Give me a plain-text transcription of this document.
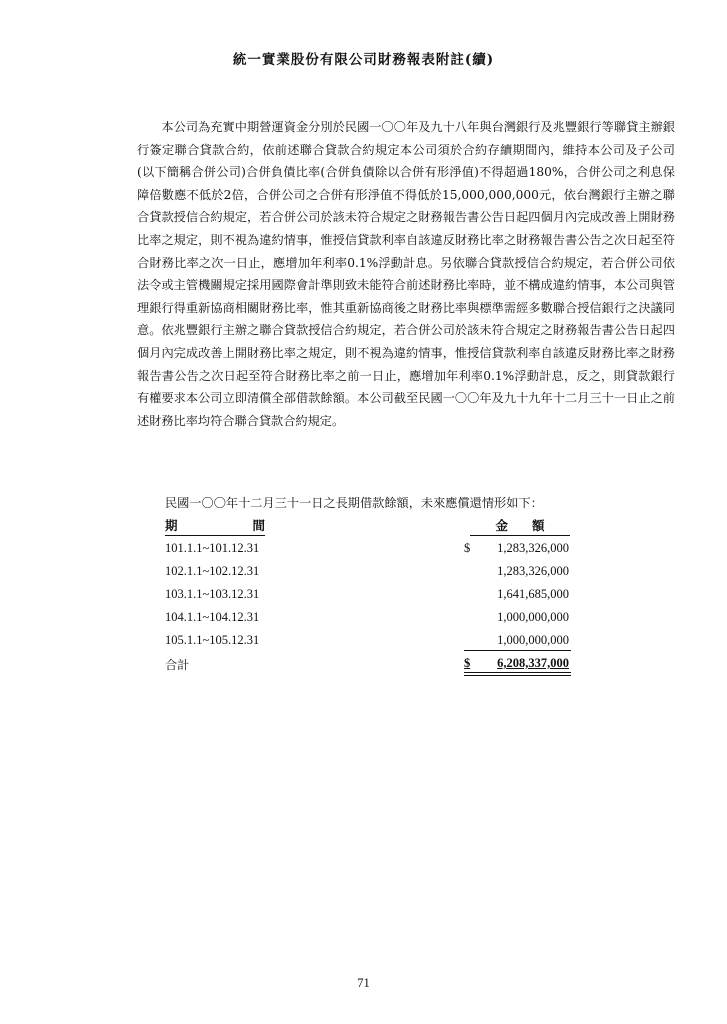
統一實業股份有限公司財務報表附註(續)

本公司為充實中期營運資金分別於民國一〇〇年及九十八年與台灣銀行及兆豐銀行等聯貸主辦銀行簽定聯合貸款合約，依前述聯合貸款合約規定本公司須於合約存續期間內，維持本公司及子公司(以下簡稱合併公司)合併負債比率(合併負債除以合併有形淨值)不得超過180%，合併公司之利息保障倍數應不低於2倍，合併公司之合併有形淨值不得低於15,000,000,000元，依台灣銀行主辦之聯合貸款授信合約規定，若合併公司於該未符合規定之財務報告書公告日起四個月內完成改善上開財務比率之規定，則不視為違約情事，惟授信貸款利率自該違反財務比率之財務報告書公告之次日起至符合財務比率之次一日止，應增加年利率0.1%浮動計息。另依聯合貸款授信合約規定，若合併公司依法令或主管機關規定採用國際會計準則致未能符合前述財務比率時，並不構成違約情事，本公司與管理銀行得重新協商相關財務比率，惟其重新協商後之財務比率與標準需經多數聯合授信銀行之決議同意。依兆豐銀行主辦之聯合貸款授信合約規定，若合併公司於該未符合規定之財務報告書公告日起四個月內完成改善上開財務比率之規定，則不視為違約情事，惟授信貸款利率自該違反財務比率之財務報告書公告之次日起至符合財務比率之前一日止，應增加年利率0.1%浮動計息，反之，則貸款銀行有權要求本公司立即清償全部借款餘額。本公司截至民國一〇〇年及九十九年十二月三十一日止之前述財務比率均符合聯合貸款合約規定。

民國一〇〇年十二月三十一日之長期借款餘額，未來應償還情形如下：
期	間	金 額
101.1.1~101.12.31	$ 1,283,326,000
102.1.1~102.12.31	1,283,326,000
103.1.1~103.12.31	1,641,685,000
104.1.1~104.12.31	1,000,000,000
105.1.1~105.12.31	1,000,000,000
合計	$ 6,208,337,000
71
